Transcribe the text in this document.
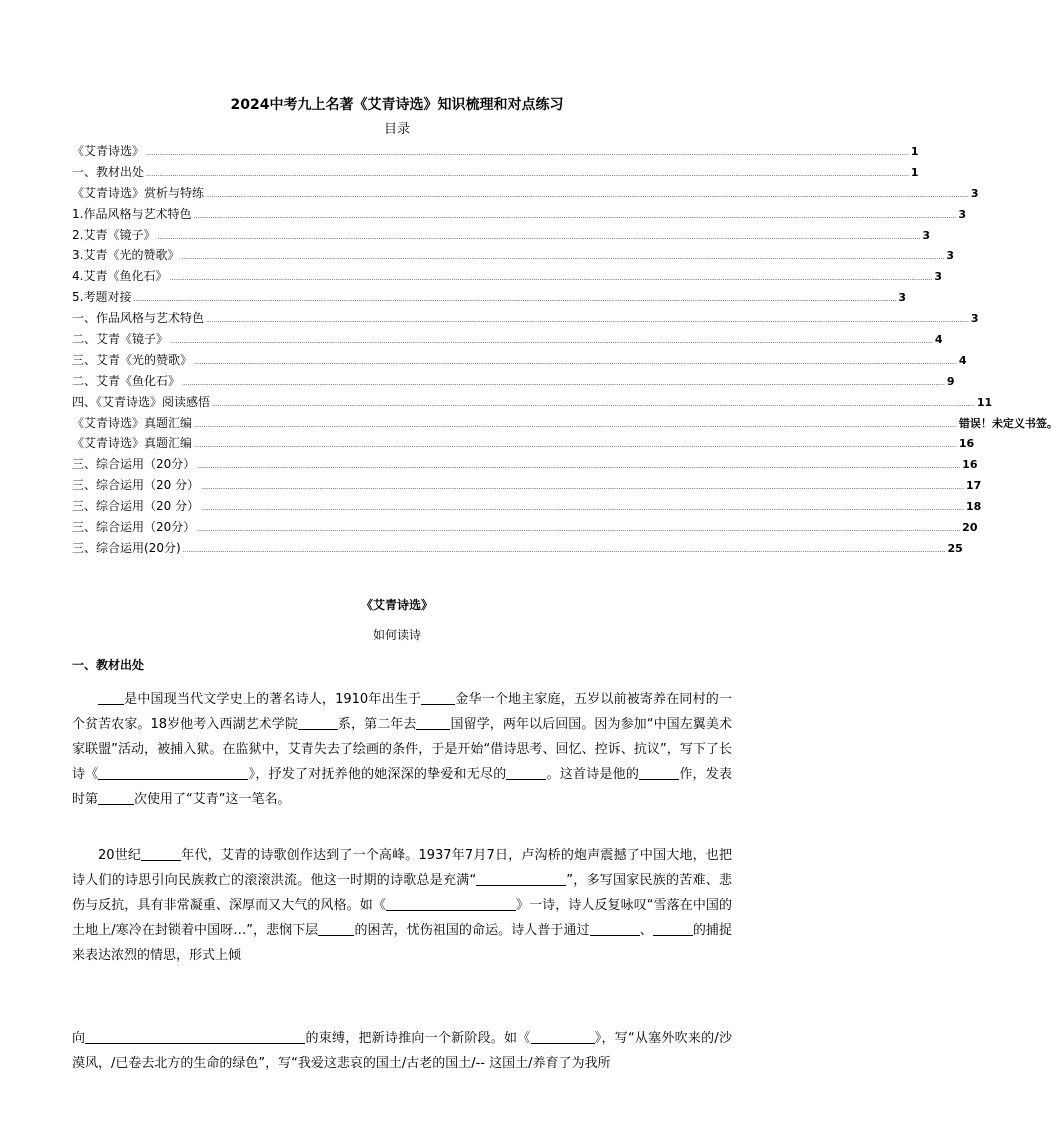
2024中考九上名著《艾青诗选》知识梳理和对点练习
目录
《艾青诗选》 ................................................................................................................................................................................................................................................................................................................................................................................................................ 1
一、教材出处 ................................................................................................................................................................................................................................................................................................................................................................................................................ 1
《艾青诗选》赏析与特练 ................................................................................................................................................................................................................................................................................................................................................................................................................ 3
1.作品风格与艺术特色 ................................................................................................................................................................................................................................................................................................................................................................................................................ 3
2.艾青《镜子》 ................................................................................................................................................................................................................................................................................................................................................................................................................ 3
3.艾青《光的赞歌》 ................................................................................................................................................................................................................................................................................................................................................................................................................ 3
4.艾青《鱼化石》 ................................................................................................................................................................................................................................................................................................................................................................................................................ 3
5.考题对接 ................................................................................................................................................................................................................................................................................................................................................................................................................ 3
一、作品风格与艺术特色 ................................................................................................................................................................................................................................................................................................................................................................................................................ 3
二、艾青《镜子》 ................................................................................................................................................................................................................................................................................................................................................................................................................ 4
三、艾青《光的赞歌》 ................................................................................................................................................................................................................................................................................................................................................................................................................ 4
二、艾青《鱼化石》 ................................................................................................................................................................................................................................................................................................................................................................................................................ 9
四、《艾青诗选》阅读感悟 ................................................................................................................................................................................................................................................................................................................................................................................................................ 11
《艾青诗选》真题汇编 ................................................................................................................................................................................................................................................................................................................................................................................................................ 错误！未定义书签。
《艾青诗选》真题汇编 ................................................................................................................................................................................................................................................................................................................................................................................................................ 16
三、综合运用（20分） ................................................................................................................................................................................................................................................................................................................................................................................................................ 16
三、综合运用（20 分） ................................................................................................................................................................................................................................................................................................................................................................................................................ 17
三、综合运用（20 分） ................................................................................................................................................................................................................................................................................................................................................................................................................ 18
三、综合运用（20分） ................................................................................................................................................................................................................................................................................................................................................................................................................ 20
三、综合运用(20分) ................................................................................................................................................................................................................................................................................................................................................................................................................ 25
《艾青诗选》
如何读诗
一、教材出处
是中国现当代文学史上的著名诗人，1910年出生于	金华一个地主家庭，五岁以前被寄养在同村的一个贫苦农家。18岁他考入西湖艺术学院	系，第二年去	国留学，两年以后回国。因为参加“中国左翼美术家联盟”活动，被捕入狱。在监狱中，艾青失去了绘画的条件，于是开始“借诗思考、回忆、控诉、抗议”，写下了长诗《	》，抒发了对抚养他的她深深的挚爱和无尽的	。这首诗是他的	作，发表时第	次使用了“艾青”这一笔名。
20世纪	年代，艾青的诗歌创作达到了一个高峰。1937年7月7日，卢沟桥的炮声震撼了中国大地，也把诗人们的诗思引向民族救亡的滚滚洪流。他这一时期的诗歌总是充满“	”，多写国家民族的苦难、悲伤与反抗，具有非常凝重、深厚而又大气的风格。如《	》一诗，诗人反复咏叹“雪落在中国的土地上/寒冷在封锁着中国呀…”，悲悯下层	的困苦，忧伤祖国的命运。诗人普于通过	、	的捕捉来表达浓烈的情思，形式上倾
向	的束缚，把新诗推向一个新阶段。如《	》，写“从塞外吹来的/沙漠风，/已卷去北方的生命的绿色”，写“我爱这悲哀的国土/古老的国土/-- 这国土/养育了为我所
